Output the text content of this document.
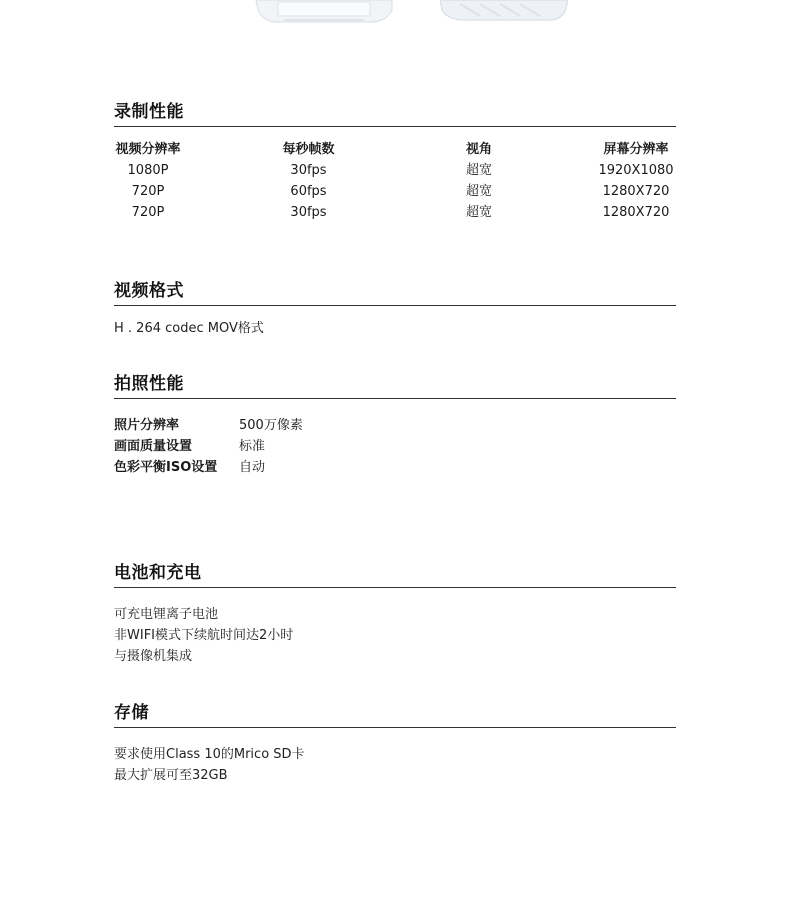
录制性能
视频分辨率	每秒帧数	视角	屏幕分辨率
1080P	30fps	超宽	1920X1080
720P	60fps	超宽	1280X720
720P	30fps	超宽	1280X720
视频格式
H . 264 codec MOV格式
拍照性能
照片分辨率	500万像素
画面质量设置	标准
色彩平衡ISO设置	自动
电池和充电
可充电锂离子电池
非WIFI模式下续航时间达2小时
与摄像机集成
存储
要求使用Class 10的Mrico SD卡
最大扩展可至32GB
